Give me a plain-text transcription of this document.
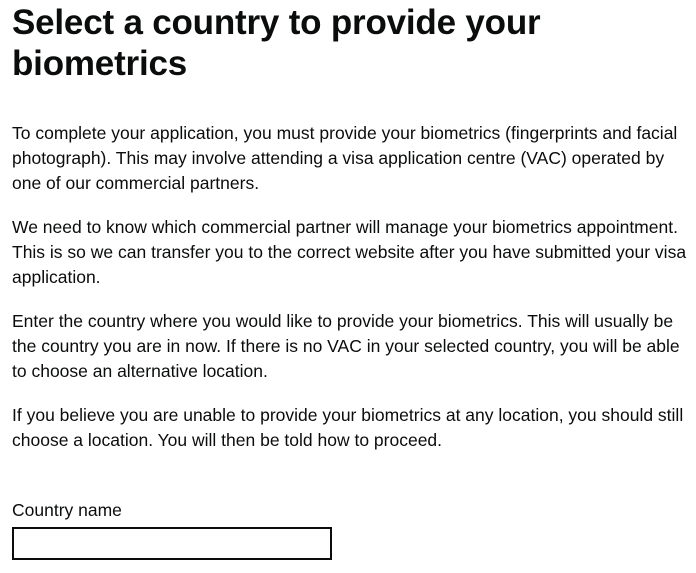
Select a country to provide your biometrics

To complete your application, you must provide your biometrics (fingerprints and facial photograph). This may involve attending a visa application centre (VAC) operated by one of our commercial partners.

We need to know which commercial partner will manage your biometrics appointment. This is so we can transfer you to the correct website after you have submitted your visa application.

Enter the country where you would like to provide your biometrics. This will usually be the country you are in now. If there is no VAC in your selected country, you will be able to choose an alternative location.

If you believe you are unable to provide your biometrics at any location, you should still choose a location. You will then be told how to proceed.

Country name
